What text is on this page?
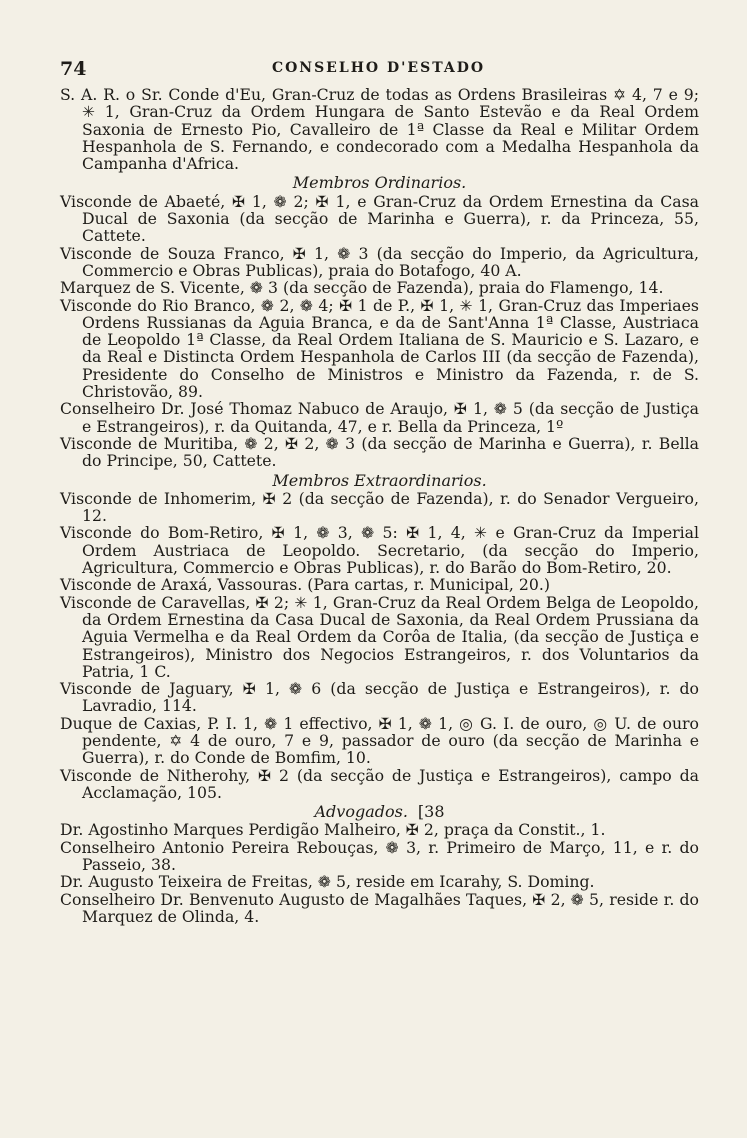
74	CONSELHO D'ESTADO

S. A. R. o Sr. Conde d'Eu, Gran-Cruz de todas as Ordens Brasileiras ✡ 4, 7 e 9; ✳ 1, Gran-Cruz da Ordem Hungara de Santo Estevão e da Real Ordem Saxonia de Ernesto Pio, Cavalleiro de 1ª Classe da Real e Militar Ordem Hespanhola de S. Fernando, e condecorado com a Medalha Hespanhola da Campanha d'Africa.

Membros Ordinarios.

Visconde de Abaeté, ✠ 1, ❁ 2; ✠ 1, e Gran-Cruz da Ordem Ernestina da Casa Ducal de Saxonia (da secção de Marinha e Guerra), r. da Princeza, 55, Cattete.

Visconde de Souza Franco, ✠ 1, ❁ 3 (da secção do Imperio, da Agricultura, Commercio e Obras Publicas), praia do Botafogo, 40 A.

Marquez de S. Vicente, ❁ 3 (da secção de Fazenda), praia do Flamengo, 14.

Visconde do Rio Branco, ❁ 2, ❁ 4; ✠ 1 de P., ✠ 1, ✳ 1, Gran-Cruz das Imperiaes Ordens Russianas da Aguia Branca, e da de Sant'Anna 1ª Classe, Austriaca de Leopoldo 1ª Classe, da Real Ordem Italiana de S. Mauricio e S. Lazaro, e da Real e Distincta Ordem Hespanhola de Carlos III (da secção de Fazenda), Presidente do Conselho de Ministros e Ministro da Fazenda, r. de S. Christovão, 89.

Conselheiro Dr. José Thomaz Nabuco de Araujo, ✠ 1, ❁ 5 (da secção de Justiça e Estrangeiros), r. da Quitanda, 47, e r. Bella da Princeza, 1º

Visconde de Muritiba, ❁ 2, ✠ 2, ❁ 3 (da secção de Marinha e Guerra), r. Bella do Principe, 50, Cattete.

Membros Extraordinarios.

Visconde de Inhomerim, ✠ 2 (da secção de Fazenda), r. do Senador Vergueiro, 12.

Visconde do Bom-Retiro, ✠ 1, ❁ 3, ❁ 5: ✠ 1, 4, ✳ e Gran-Cruz da Imperial Ordem Austriaca de Leopoldo. Secretario, (da secção do Imperio, Agricultura, Commercio e Obras Publicas), r. do Barão do Bom-Retiro, 20.

Visconde de Araxá, Vassouras. (Para cartas, r. Municipal, 20.)

Visconde de Caravellas, ✠ 2; ✳ 1, Gran-Cruz da Real Ordem Belga de Leopoldo, da Ordem Ernestina da Casa Ducal de Saxonia, da Real Ordem Prussiana da Aguia Vermelha e da Real Ordem da Corôa de Italia, (da secção de Justiça e Estrangeiros), Ministro dos Negocios Estrangeiros, r. dos Voluntarios da Patria, 1 C.

Visconde de Jaguary, ✠ 1, ❁ 6 (da secção de Justiça e Estrangeiros), r. do Lavradio, 114.

Duque de Caxias, P. I. 1, ❁ 1 effectivo, ✠ 1, ❁ 1, ◎ G. I. de ouro, ◎ U. de ouro pendente, ✡ 4 de ouro, 7 e 9, passador de ouro (da secção de Marinha e Guerra), r. do Conde de Bomfim, 10.

Visconde de Nitherohy, ✠ 2 (da secção de Justiça e Estrangeiros), campo da Acclamação, 105.

Advogados. [38

Dr. Agostinho Marques Perdigão Malheiro, ✠ 2, praça da Constit., 1.

Conselheiro Antonio Pereira Rebouças, ❁ 3, r. Primeiro de Março, 11, e r. do Passeio, 38.

Dr. Augusto Teixeira de Freitas, ❁ 5, reside em Icarahy, S. Doming.

Conselheiro Dr. Benvenuto Augusto de Magalhães Taques, ✠ 2, ❁ 5, reside r. do Marquez de Olinda, 4.
